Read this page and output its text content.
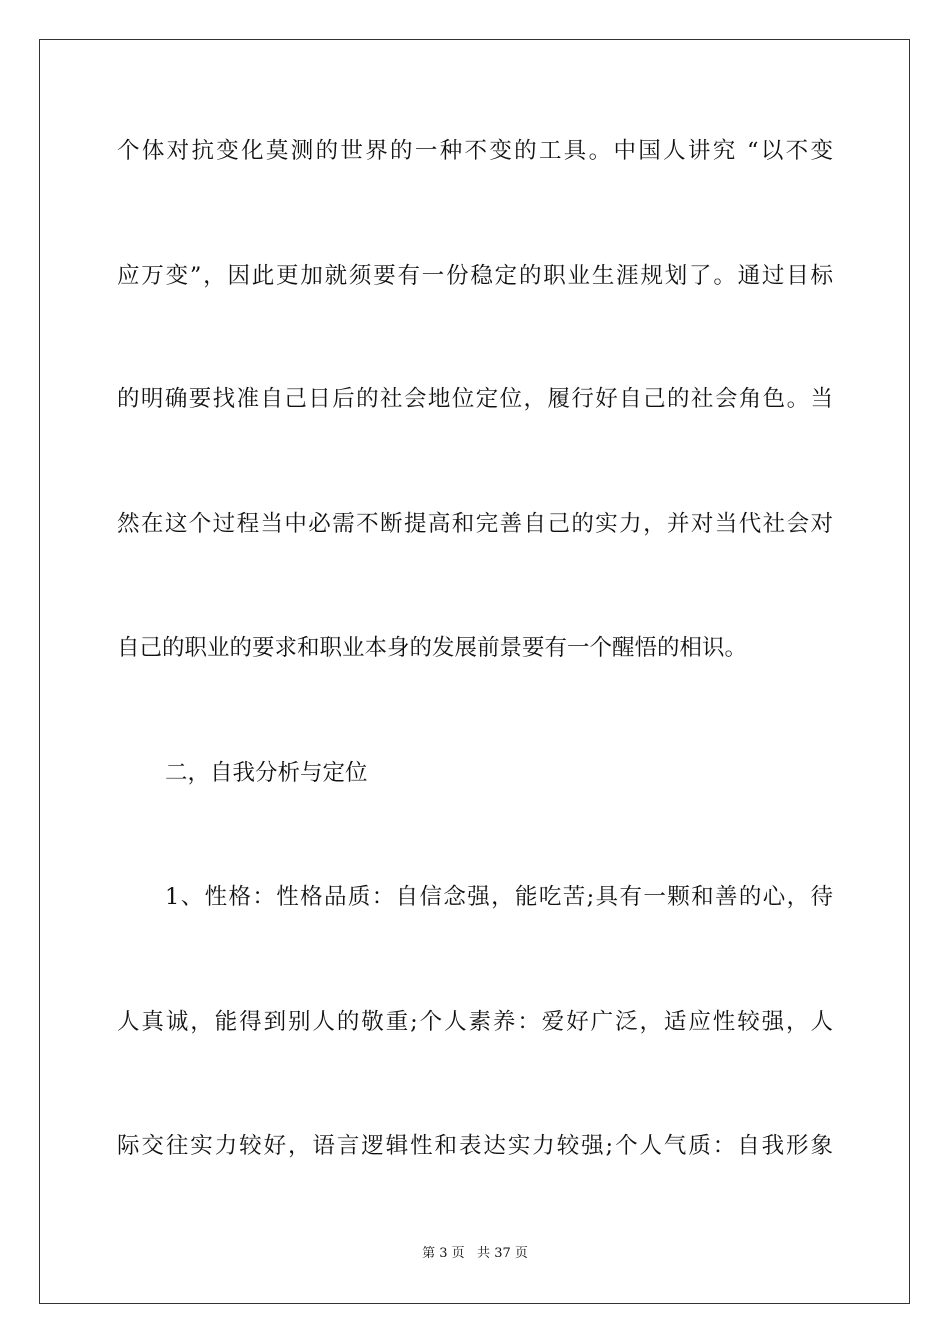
个体对抗变化莫测的世界的一种不变的工具。中国人讲究 “以不变
应万变”，因此更加就须要有一份稳定的职业生涯规划了。通过目标
的明确要找准自己日后的社会地位定位，履行好自己的社会角色。当
然在这个过程当中必需不断提高和完善自己的实力，并对当代社会对
自己的职业的要求和职业本身的发展前景要有一个醒悟的相识。
二，自我分析与定位
1、性格：性格品质：自信念强，能吃苦;具有一颗和善的心，待
人真诚，能得到别人的敬重;个人素养：爱好广泛，适应性较强，人
际交往实力较好，语言逻辑性和表达实力较强;个人气质：自我形象
第 3 页   共 37 页
